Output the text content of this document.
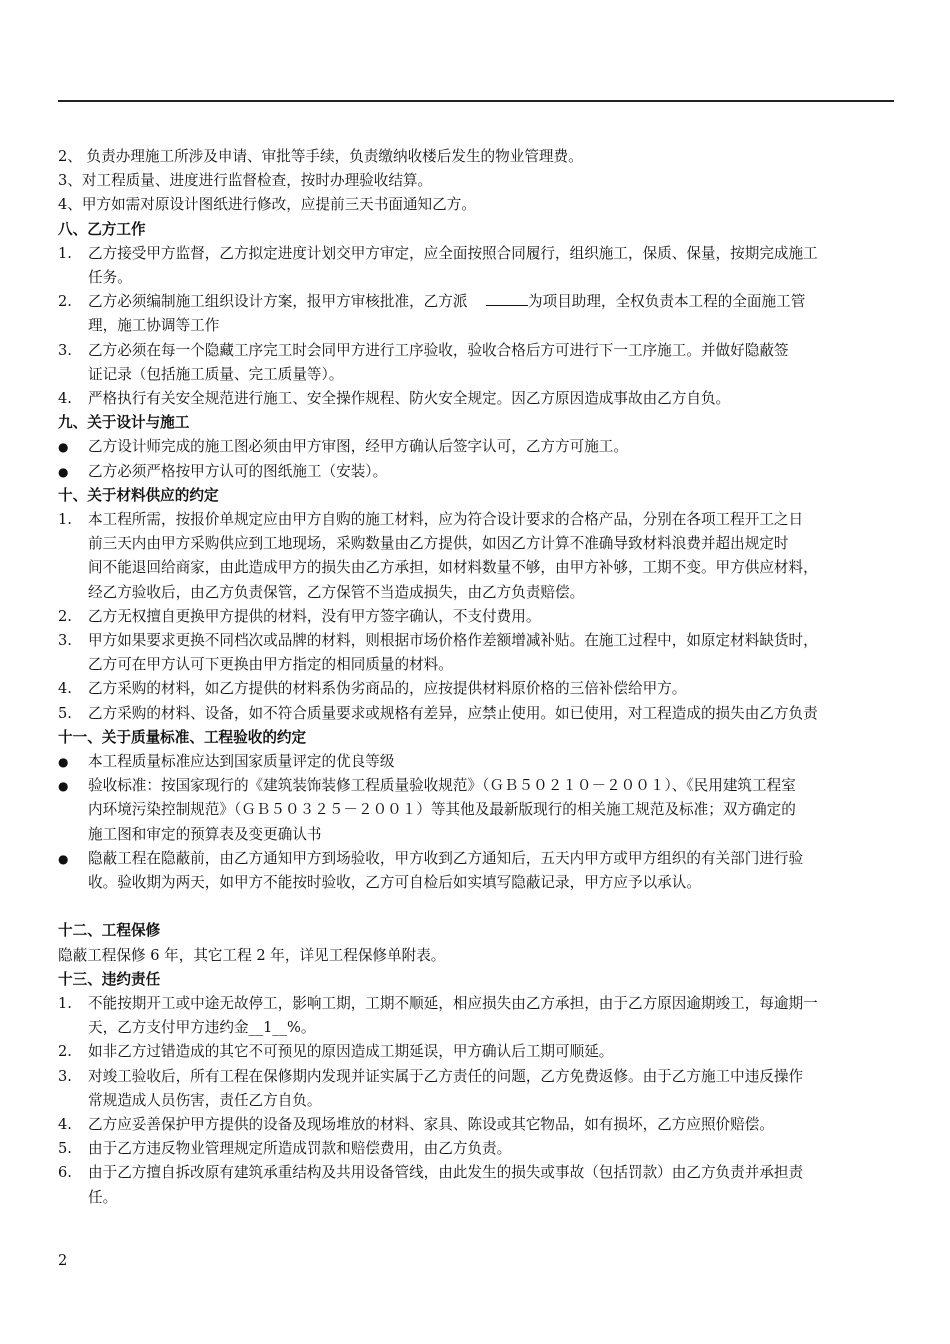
2、 负责办理施工所涉及申请、审批等手续，负责缴纳收楼后发生的物业管理费。
3、对工程质量、进度进行监督检查，按时办理验收结算。
4、甲方如需对原设计图纸进行修改，应提前三天书面通知乙方。
八、乙方工作
1.	乙方接受甲方监督，乙方拟定进度计划交甲方审定，应全面按照合同履行，组织施工，保质、保量，按期完成施工
任务。
2.	乙方必须编制施工组织设计方案，报甲方审核批准，乙方派	为项目助理，全权负责本工程的全面施工管
理，施工协调等工作
3.	乙方必须在每一个隐藏工序完工时会同甲方进行工序验收，验收合格后方可进行下一工序施工。并做好隐蔽签
证记录（包括施工质量、完工质量等）。
4.	严格执行有关安全规范进行施工、安全操作规程、防火安全规定。因乙方原因造成事故由乙方自负。
九、关于设计与施工
●	乙方设计师完成的施工图必须由甲方审图，经甲方确认后签字认可，乙方方可施工。
●	乙方必须严格按甲方认可的图纸施工（安装）。
十、关于材料供应的约定
1.	本工程所需，按报价单规定应由甲方自购的施工材料，应为符合设计要求的合格产品，分别在各项工程开工之日
前三天内由甲方采购供应到工地现场，采购数量由乙方提供，如因乙方计算不准确导致材料浪费并超出规定时
间不能退回给商家，由此造成甲方的损失由乙方承担，如材料数量不够，由甲方补够，工期不变。甲方供应材料，
经乙方验收后，由乙方负责保管，乙方保管不当造成损失，由乙方负责赔偿。
2.	乙方无权擅自更换甲方提供的材料，没有甲方签字确认，不支付费用。
3.	甲方如果要求更换不同档次或品牌的材料，则根据市场价格作差额增减补贴。在施工过程中，如原定材料缺货时，
乙方可在甲方认可下更换由甲方指定的相同质量的材料。
4.	乙方采购的材料，如乙方提供的材料系伪劣商品的，应按提供材料原价格的三倍补偿给甲方。
5.	乙方采购的材料、设备，如不符合质量要求或规格有差异，应禁止使用。如已使用，对工程造成的损失由乙方负责
十一、关于质量标准、工程验收的约定
●	本工程质量标准应达到国家质量评定的优良等级
●	验收标准：按国家现行的《建筑装饰装修工程质量验收规范》（ＧＢ５０２１０－２００１）、《民用建筑工程室
内环境污染控制规范》（ＧＢ５０３２５－２００１）等其他及最新版现行的相关施工规范及标准；双方确定的
施工图和审定的预算表及变更确认书
●	隐蔽工程在隐蔽前，由乙方通知甲方到场验收，甲方收到乙方通知后，五天内甲方或甲方组织的有关部门进行验
收。验收期为两天，如甲方不能按时验收，乙方可自检后如实填写隐蔽记录，甲方应予以承认。
十二、工程保修
隐蔽工程保修 6 年，其它工程 2 年，详见工程保修单附表。
十三、违约责任
1.	不能按期开工或中途无故停工，影响工期，工期不顺延，相应损失由乙方承担，由于乙方原因逾期竣工，每逾期一
天，乙方支付甲方违约金__1__%。
2.	如非乙方过错造成的其它不可预见的原因造成工期延误，甲方确认后工期可顺延。
3.	对竣工验收后，所有工程在保修期内发现并证实属于乙方责任的问题，乙方免费返修。由于乙方施工中违反操作
常规造成人员伤害，责任乙方自负。
4.	乙方应妥善保护甲方提供的设备及现场堆放的材料、家具、陈设或其它物品，如有损坏，乙方应照价赔偿。
5.	由于乙方违反物业管理规定所造成罚款和赔偿费用，由乙方负责。
6.	由于乙方擅自拆改原有建筑承重结构及共用设备管线，由此发生的损失或事故（包括罚款）由乙方负责并承担责
任。
2
